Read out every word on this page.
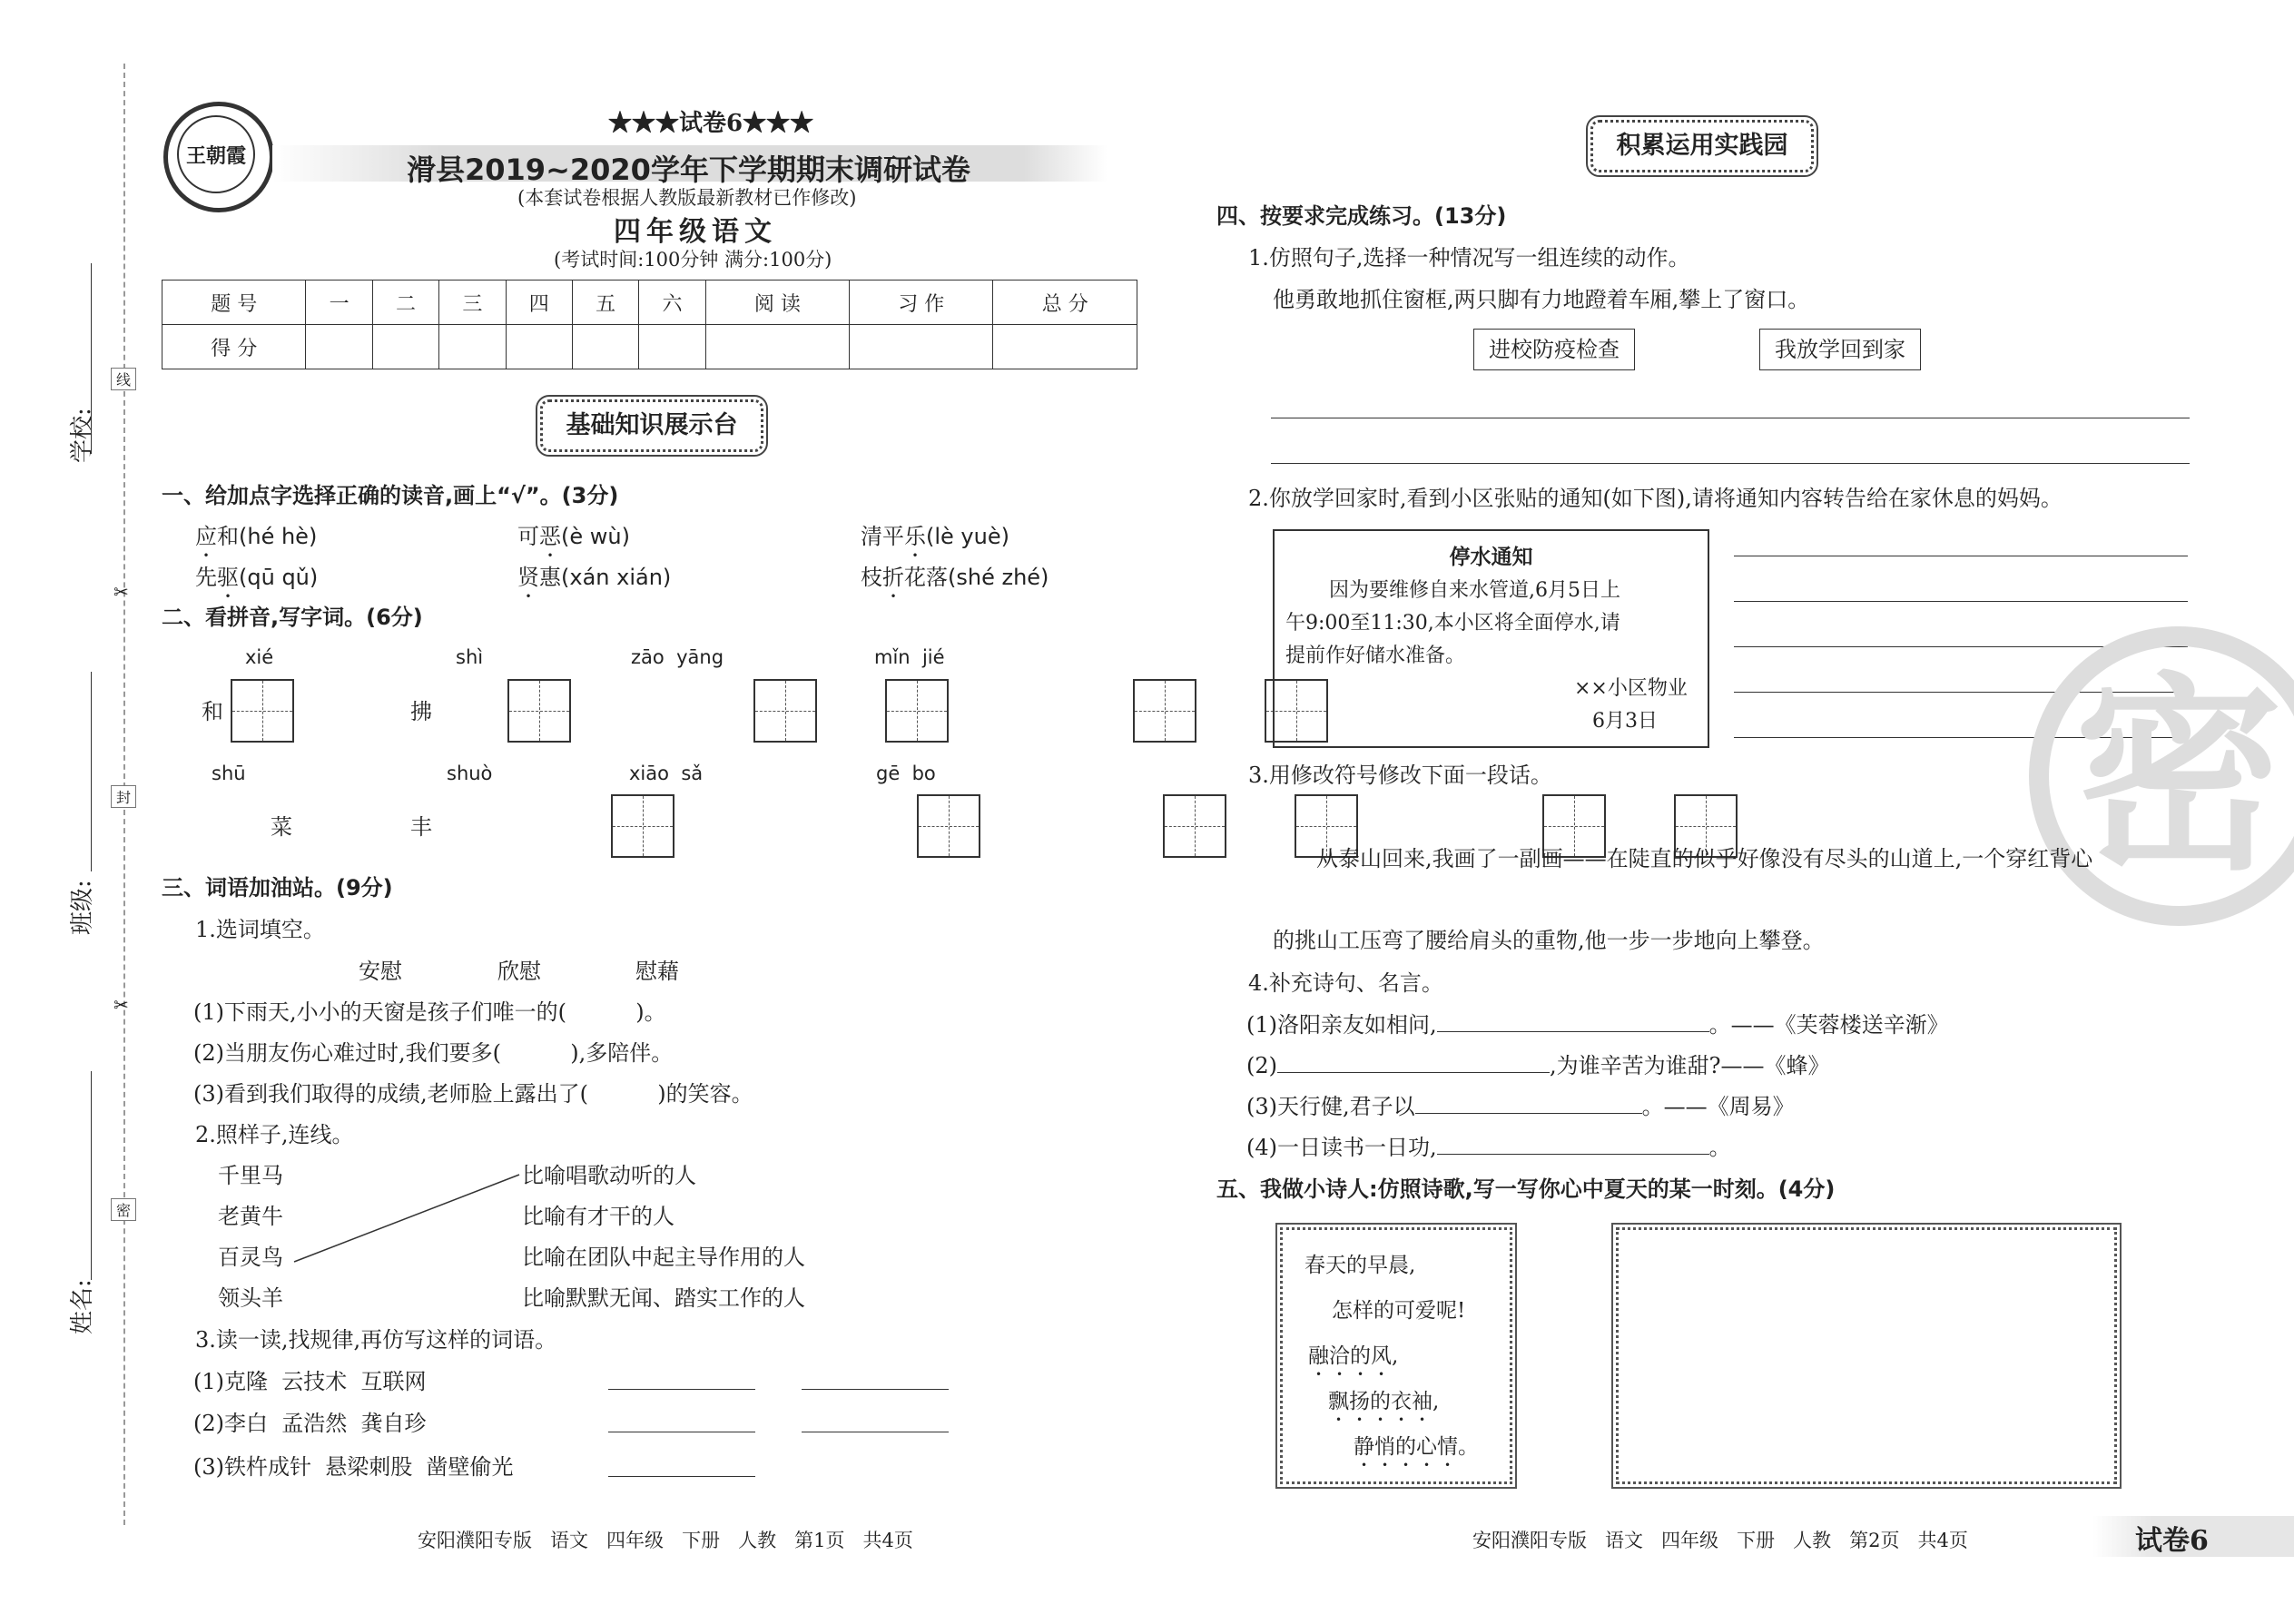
学校:
班级:
姓名:
线
封
密
✂
✂
王朝霞
★★★试卷6★★★
滑县2019~2020学年下学期期末调研试卷
(本套试卷根据人教版最新教材已作修改)
四年级语文
(考试时间:100分钟 满分:100分)
题 号	一	二	三	四	五	六	阅 读	习 作	总 分
得 分									
基础知识展示台
一、给加点字选择正确的读音,画上“√”。(3分)
应和(hé hè)	可恶(è wù)	清平乐(lè yuè)
先驱(qū qǔ)	贤惠(xán xián)	枝折花落(shé zhé)
二、看拼音,写字词。(6分)
xié
和

shì
拂

zāo  yāng
	mǐn  jié

shū

菜
shuò
丰

xiāo  sǎ
	gē  bo

三、词语加油站。(9分)
1.选词填空。
安慰	欣慰	慰藉
(1)下雨天,小小的天窗是孩子们唯一的(          )。
(2)当朋友伤心难过时,我们要多(          ),多陪伴。
(3)看到我们取得的成绩,老师脸上露出了(          )的笑容。
2.照样子,连线。
千里马
老黄牛
百灵鸟
领头羊
比喻唱歌动听的人
比喻有才干的人
比喻在团队中起主导作用的人
比喻默默无闻、踏实工作的人
3.读一读,找规律,再仿写这样的词语。
(1)克隆  云技术  互联网
(2)李白  孟浩然  龚自珍
(3)铁杵成针  悬梁刺股  凿壁偷光
安阳濮阳专版   语文   四年级   下册   人教   第1页   共4页
积累运用实践园
四、按要求完成练习。(13分)
1.仿照句子,选择一种情况写一组连续的动作。
他勇敢地抓住窗框,两只脚有力地蹬着车厢,攀上了窗口。
进校防疫检查	我放学回到家
2.你放学回家时,看到小区张贴的通知(如下图),请将通知内容转告给在家休息的妈妈。
停水通知
因为要维修自来水管道,6月5日上
午9:00至11:30,本小区将全面停水,请
提前作好储水准备。
××小区物业
6月3日 密
3.用修改符号修改下面一段话。
从泰山回来,我画了一副画——在陡直的似乎好像没有尽头的山道上,一个穿红背心
的挑山工压弯了腰给肩头的重物,他一步一步地向上攀登。
4.补充诗句、名言。
(1)洛阳亲友如相问,	。——《芙蓉楼送辛渐》
(2)	,为谁辛苦为谁甜?——《蜂》
(3)天行健,君子以	。——《周易》
(4)一日读书一日功,	。
五、我做小诗人:仿照诗歌,写一写你心中夏天的某一时刻。(4分)
春天的早晨,
怎样的可爱呢!
融洽的风,
飘扬的衣袖,
静悄的心情。
安阳濮阳专版   语文   四年级   下册   人教   第2页   共4页	试卷6
